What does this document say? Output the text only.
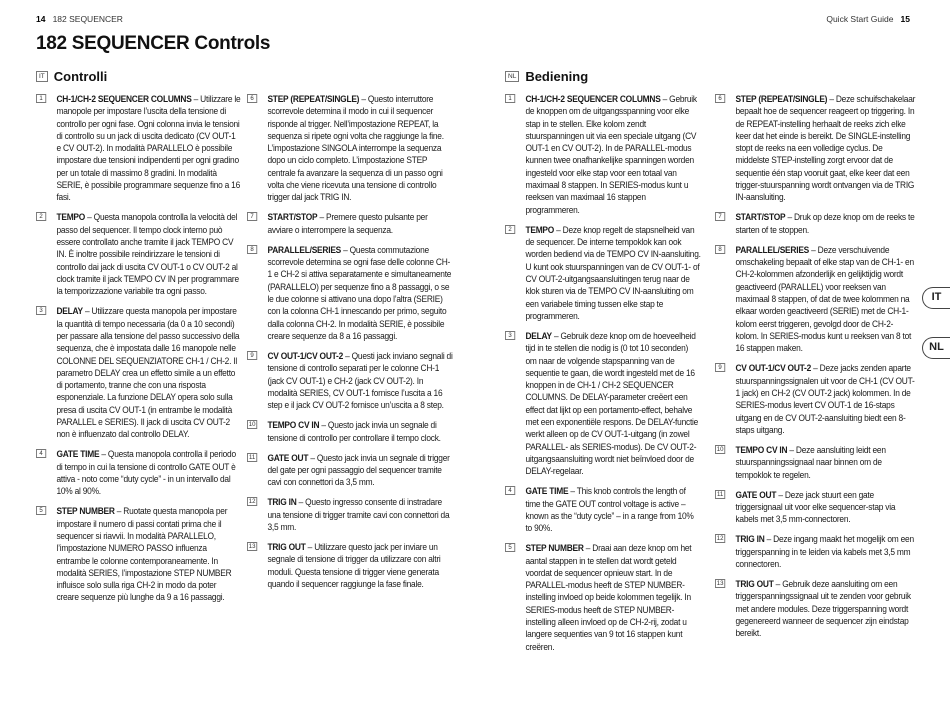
14 182 SEQUENCER	Quick Start Guide 15
182 SEQUENCER Controls
IT Controlli	NL Bediening
1	CH-1/CH-2 SEQUENCER COLUMNS – Utilizzare le manopole per impostare l’uscita della tensione di controllo per ogni fase. Ogni colonna invia le tensioni di controllo su un jack di uscita dedicato (CV OUT-1 e CV OUT-2). In modalità PARALLELO è possibile impostare due tensioni indipendenti per ogni gradino per un totale di massimo 8 gradini. In modalità SERIE, è possibile programmare sequenze fino a 16 fasi.
2	TEMPO – Questa manopola controlla la velocità del passo del sequencer. Il tempo clock interno può essere controllato anche tramite il jack TEMPO CV IN. È inoltre possibile reindirizzare le tensioni di controllo dai jack di uscita CV OUT-1 o CV OUT-2 al clock tramite il jack TEMPO CV IN per programmare la temporizzazione variabile tra ogni passo.
3	DELAY – Utilizzare questa manopola per impostare la quantità di tempo necessaria (da 0 a 10 secondi) per passare alla tensione del passo successivo della sequenza, che è impostata dalle 16 manopole nelle COLONNE DEL SEQUENZIATORE CH-1 / CH-2. Il parametro DELAY crea un effetto simile a un effetto di portamento, tranne che con una risposta esponenziale. La funzione DELAY opera solo sulla presa di uscita CV OUT-1 (in entrambe le modalità PARALLEL e SERIES). Il jack di uscita CV OUT-2 non è influenzato dal controllo DELAY.
4	GATE TIME – Questa manopola controlla il periodo di tempo in cui la tensione di controllo GATE OUT è attiva - noto come “duty cycle” - in un intervallo dal 10% al 90%.
5	STEP NUMBER – Ruotate questa manopola per impostare il numero di passi contati prima che il sequencer si riavvii. In modalità PARALLELO, l’impostazione NUMERO PASSO influenza entrambe le colonne contemporaneamente. In modalità SERIES, l’impostazione STEP NUMBER influisce solo sulla riga CH-2 in modo da poter creare sequenze più lunghe da 9 a 16 passaggi.
6	STEP (REPEAT/SINGLE) – Questo interruttore scorrevole determina il modo in cui il sequencer risponde al trigger. Nell’impostazione REPEAT, la sequenza si ripete ogni volta che raggiunge la fine. L’impostazione SINGOLA interrompe la sequenza dopo un ciclo completo. L’impostazione STEP centrale fa avanzare la sequenza di un passo ogni volta che viene ricevuta una tensione di controllo trigger dal jack TRIG IN.
7	START/STOP – Premere questo pulsante per avviare o interrompere la sequenza.
8	PARALLEL/SERIES – Questa commutazione scorrevole determina se ogni fase delle colonne CH-1 e CH-2 si attiva separatamente e simultaneamente (PARALLELO) per sequenze fino a 8 passaggi, o se le due colonne si attivano una dopo l’altra (SERIE) con la colonna CH-1 innescando per primo, seguito dalla colonna CH-2. In modalità SERIE, è possibile creare sequenze da 8 a 16 passaggi.
9	CV OUT-1/CV OUT-2 – Questi jack inviano segnali di tensione di controllo separati per le colonne CH-1 (jack CV OUT-1) e CH-2 (jack CV OUT-2). In modalità SERIES, CV OUT-1 fornisce l’uscita a 16 step e il jack CV OUT-2 fornisce un’uscita a 8 step.
10 TEMPO CV IN – Questo jack invia un segnale di tensione di controllo per controllare il tempo clock.
11 GATE OUT – Questo jack invia un segnale di trigger del gate per ogni passaggio del sequencer tramite cavi con connettori da 3,5 mm.
12 TRIG IN – Questo ingresso consente di instradare una tensione di trigger tramite cavi con connettori da 3,5 mm.
13 TRIG OUT – Utilizzare questo jack per inviare un segnale di tensione di trigger da utilizzare con altri moduli. Questa tensione di trigger viene generata quando il sequencer raggiunge la fase finale.
1	CH-1/CH-2 SEQUENCER COLUMNS – Gebruik de knoppen om de uitgangsspanning voor elke stap in te stellen. Elke kolom zendt stuurspanningen uit via een speciale uitgang (CV OUT-1 en CV OUT-2). In de PARALLEL-modus kunnen twee onafhankelijke spanningen worden ingesteld voor elke stap voor een totaal van maximaal 8 stappen. In SERIES-modus kunt u reeksen van maximaal 16 stappen programmeren.
2	TEMPO – Deze knop regelt de stapsnelheid van de sequencer. De interne tempoklok kan ook worden bediend via de TEMPO CV IN-aansluiting. U kunt ook stuurspanningen van de CV OUT-1- of CV OUT-2-uitgangsaansluitingen terug naar de klok sturen via de TEMPO CV IN-aansluiting om een variabele timing tussen elke stap te programmeren.
3	DELAY – Gebruik deze knop om de hoeveelheid tijd in te stellen die nodig is (0 tot 10 seconden) om naar de volgende stapspanning van de sequentie te gaan, die wordt ingesteld met de 16 knoppen in de CH-1 / CH-2 SEQUENCER COLUMNS. De DELAY-parameter creëert een effect dat lijkt op een portamento-effect, behalve met een exponentiële respons. De DELAY-functie werkt alleen op de CV OUT-1-uitgang (in zowel PARALLEL- als SERIES-modus). De CV OUT-2-uitgangsaansluiting wordt niet beïnvloed door de DELAY-regelaar.
4	GATE TIME – This knob controls the length of time the GATE OUT control voltage is active – known as the “duty cycle” – in a range from 10% to 90%.
5	STEP NUMBER – Draai aan deze knop om het aantal stappen in te stellen dat wordt geteld voordat de sequencer opnieuw start. In de PARALLEL-modus heeft de STEP NUMBER-instelling invloed op beide kolommen tegelijk. In SERIES-modus heeft de STEP NUMBER-instelling alleen invloed op de CH-2-rij, zodat u langere sequenties van 9 tot 16 stappen kunt creëren.
6	STEP (REPEAT/SINGLE) – Deze schuifschakelaar bepaalt hoe de sequencer reageert op triggering. In de REPEAT-instelling herhaalt de reeks zich elke keer dat het einde is bereikt. De SINGLE-instelling stopt de reeks na een volledige cyclus. De middelste STEP-instelling zorgt ervoor dat de sequentie één stap vooruit gaat, elke keer dat een trigger-stuurspanning wordt ontvangen via de TRIG IN-aansluiting.
7	START/STOP – Druk op deze knop om de reeks te starten of te stoppen.
8	PARALLEL/SERIES – Deze verschuivende omschakeling bepaalt of elke stap van de CH-1- en CH-2-kolommen afzonderlijk en gelijktijdig wordt geactiveerd (PARALLEL) voor reeksen van maximaal 8 stappen, of dat de twee kolommen na elkaar worden geactiveerd (SERIE) met de CH-1-kolom eerst triggeren, gevolgd door de CH-2-kolom. In SERIES-modus kunt u reeksen van 8 tot 16 stappen maken.
9	CV OUT-1/CV OUT-2 – Deze jacks zenden aparte stuurspanningssignalen uit voor de CH-1 (CV OUT-1 jack) en CH-2 (CV OUT-2 jack) kolommen. In de SERIES-modus levert CV OUT-1 de 16-staps uitgang en de CV OUT-2-aansluiting biedt een 8-staps uitgang.
10 TEMPO CV IN – Deze aansluiting leidt een stuurspanningssignaal naar binnen om de tempoklok te regelen.
11 GATE OUT – Deze jack stuurt een gate triggersignaal uit voor elke sequencer-stap via kabels met 3,5 mm-connectoren.
12 TRIG IN – Deze ingang maakt het mogelijk om een triggerspanning in te leiden via kabels met 3,5 mm connectoren.
13 TRIG OUT – Gebruik deze aansluiting om een triggerspanningssignaal uit te zenden voor gebruik met andere modules. Deze triggerspanning wordt gegenereerd wanneer de sequencer zijn eindstap bereikt.
IT
NL
